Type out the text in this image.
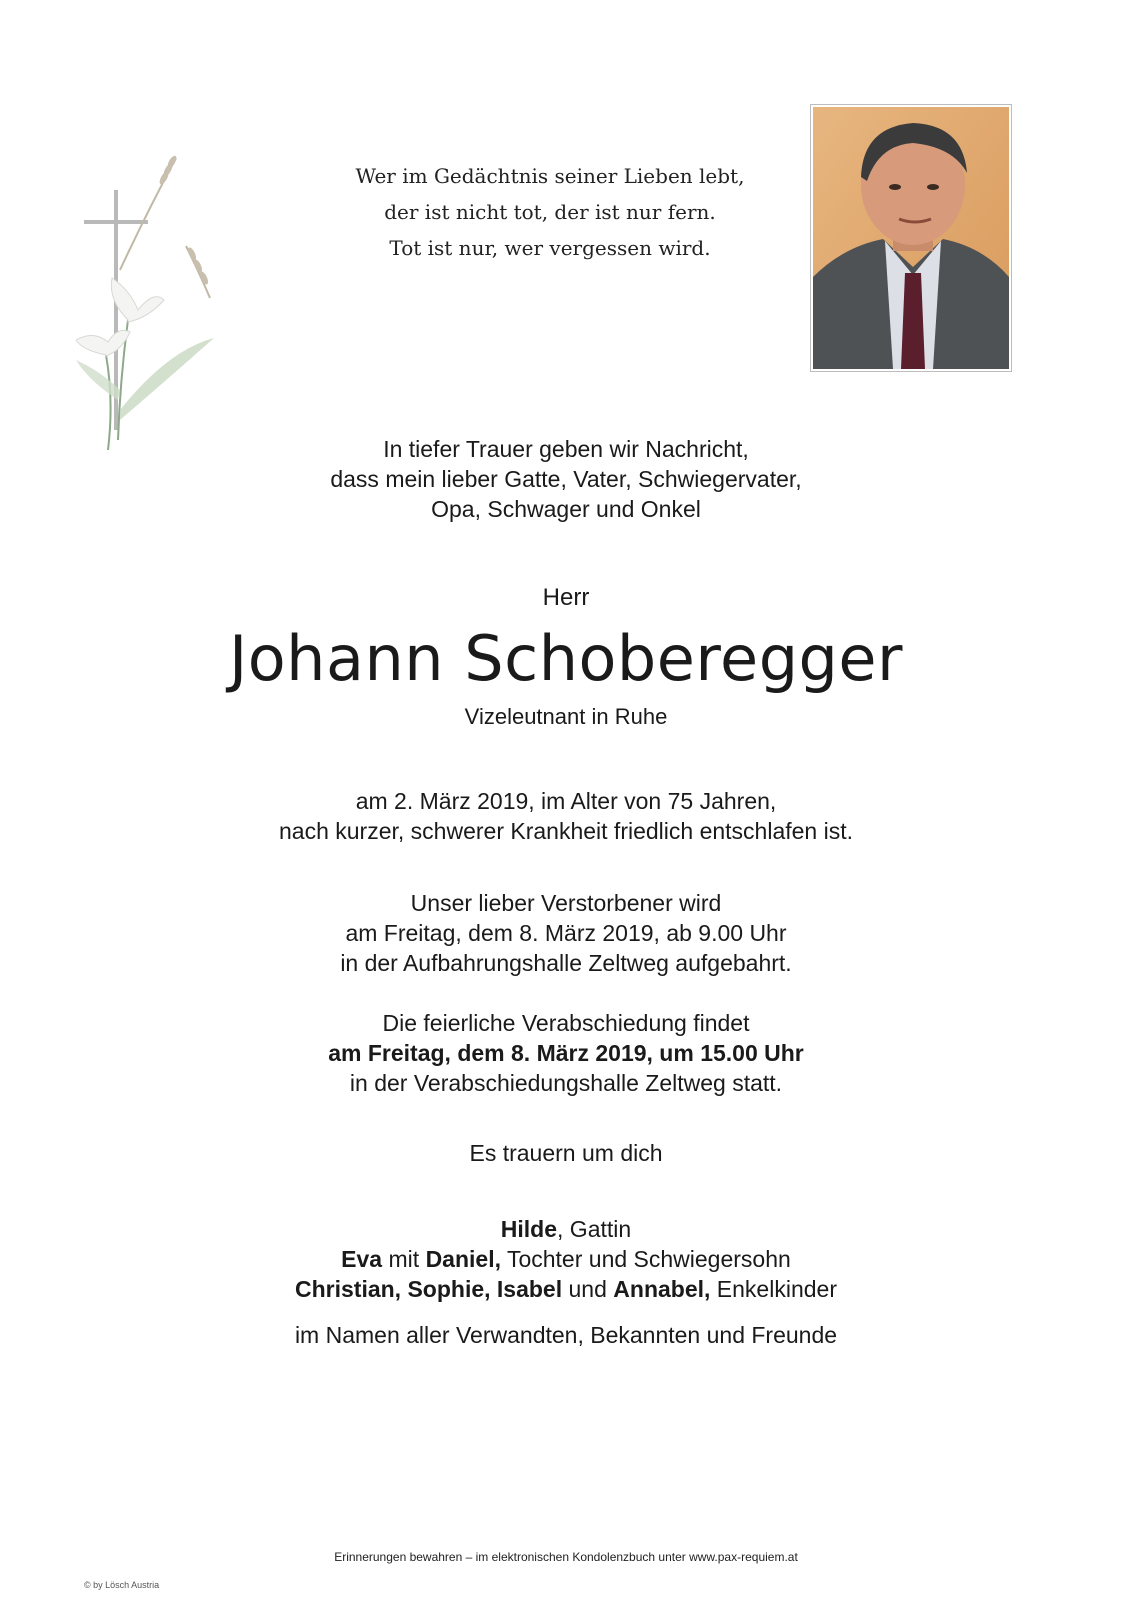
Wer im Gedächtnis seiner Lieben lebt,
der ist nicht tot, der ist nur fern.
Tot ist nur, wer vergessen wird.
In tiefer Trauer geben wir Nachricht,
dass mein lieber Gatte, Vater, Schwiegervater,
Opa, Schwager und Onkel
Herr
Johann Schoberegger
Vizeleutnant in Ruhe
am 2. März 2019, im Alter von 75 Jahren,
nach kurzer, schwerer Krankheit friedlich entschlafen ist.
Unser lieber Verstorbener wird
am Freitag, dem 8. März 2019, ab 9.00 Uhr
in der Aufbahrungshalle Zeltweg aufgebahrt.
Die feierliche Verabschiedung findet
am Freitag, dem 8. März 2019, um 15.00 Uhr
in der Verabschiedungshalle Zeltweg statt.
Es trauern um dich
Hilde, Gattin
Eva mit Daniel, Tochter und Schwiegersohn
Christian, Sophie, Isabel und Annabel, Enkelkinder
im Namen aller Verwandten, Bekannten und Freunde
Erinnerungen bewahren – im elektronischen Kondolenzbuch unter www.pax-requiem.at
© by Lösch Austria
